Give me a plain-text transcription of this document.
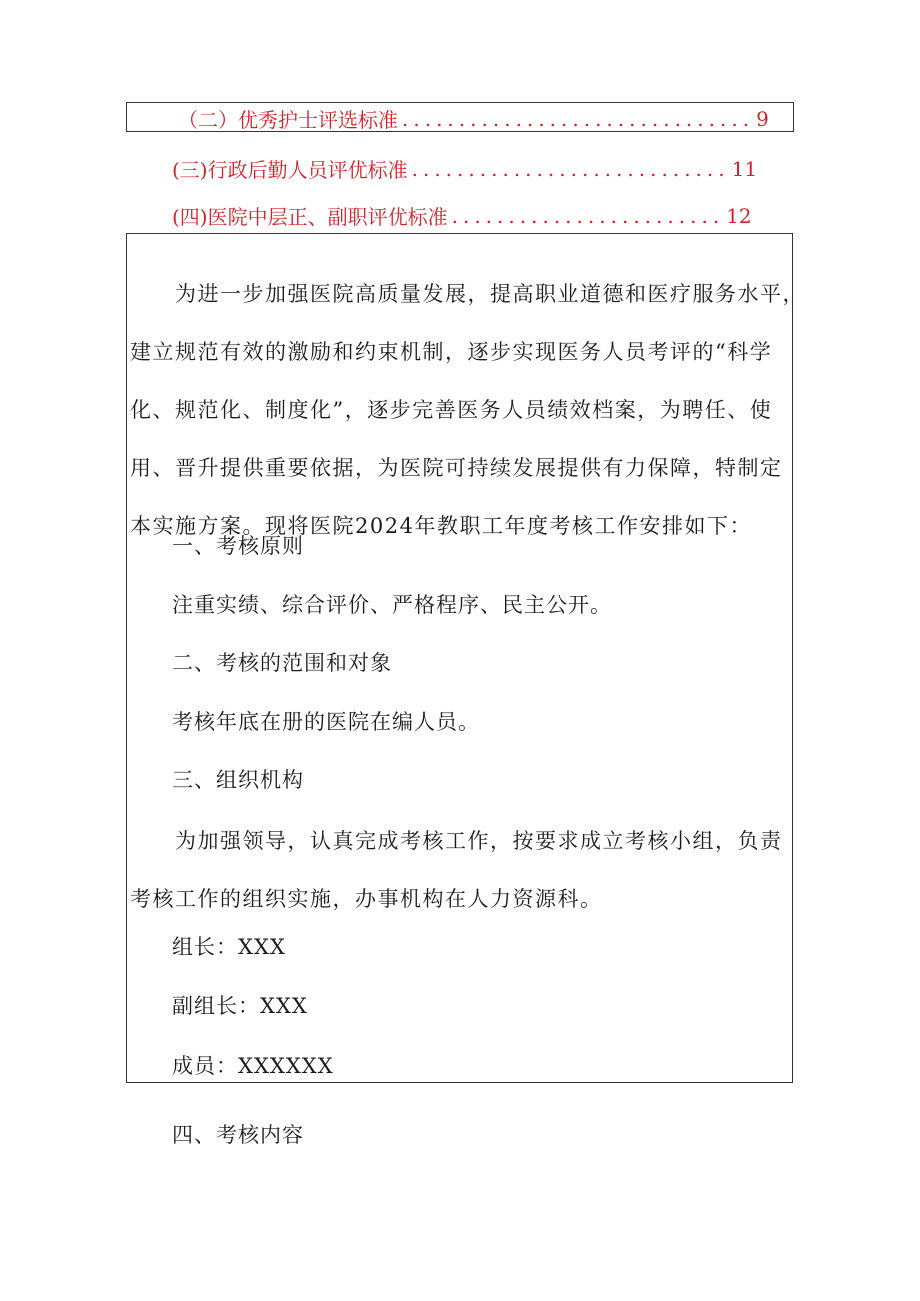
（二）优秀护士评选标准 ............................... 9
(三)行政后勤人员评优标准 ............................ 11
(四)医院中层正、副职评优标准 ........................ 12
　　为进一步加强医院高质量发展，提高职业道德和医疗服务水平，
建立规范有效的激励和约束机制，逐步实现医务人员考评的“科学
化、规范化、制度化”，逐步完善医务人员绩效档案，为聘任、使
用、晋升提供重要依据，为医院可持续发展提供有力保障，特制定
本实施方案。现将医院2024年教职工年度考核工作安排如下：
一、考核原则
注重实绩、综合评价、严格程序、民主公开。
二、考核的范围和对象
考核年底在册的医院在编人员。
三、组织机构
　　为加强领导，认真完成考核工作，按要求成立考核小组，负责
考核工作的组织实施，办事机构在人力资源科。
组长：XXX
副组长：XXX
成员：XXXXXX
四、考核内容
